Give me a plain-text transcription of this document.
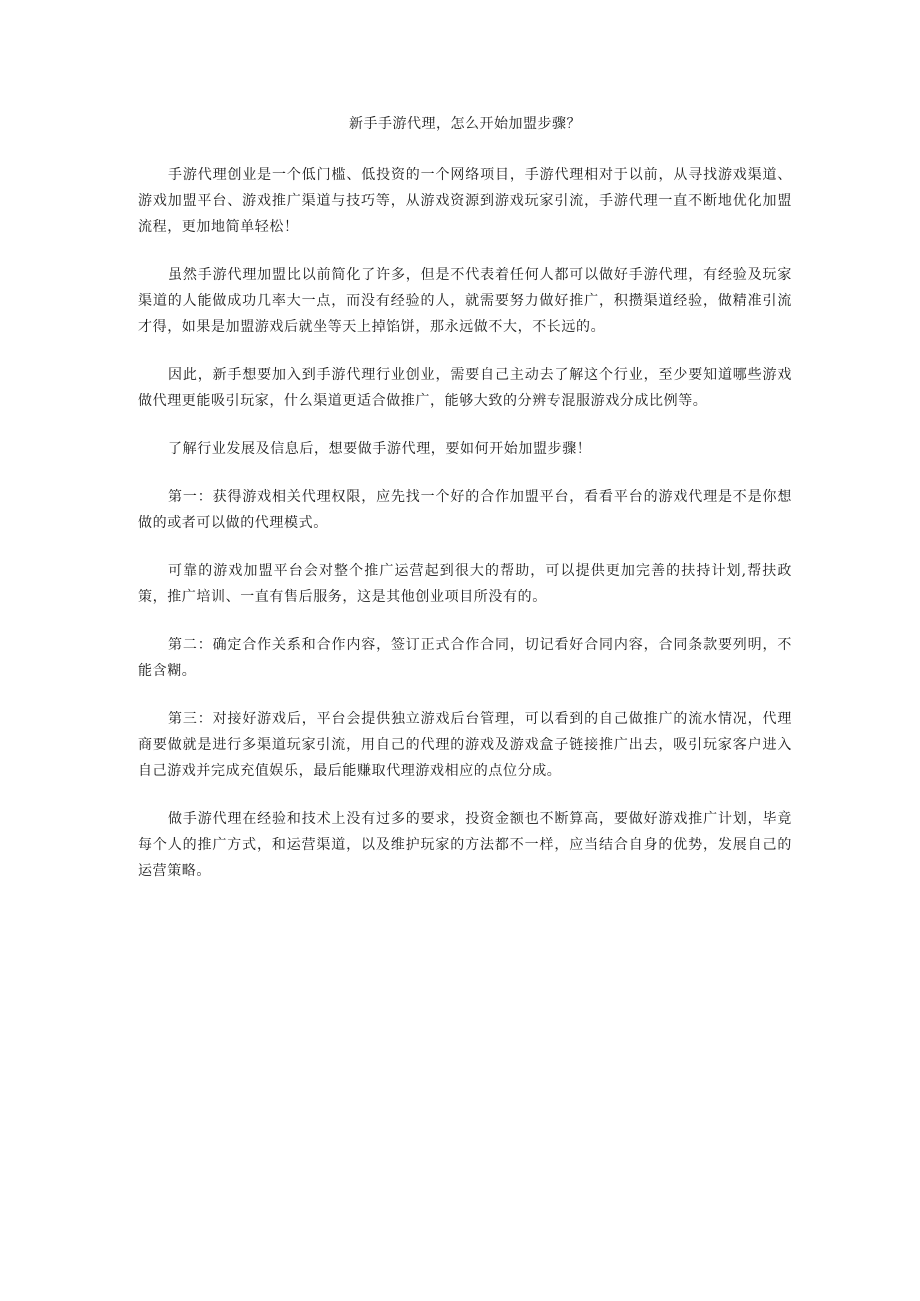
新手手游代理，怎么开始加盟步骤？

手游代理创业是一个低门槛、低投资的一个网络项目，手游代理相对于以前，从寻找游戏渠道、游戏加盟平台、游戏推广渠道与技巧等，从游戏资源到游戏玩家引流，手游代理一直不断地优化加盟流程，更加地简单轻松！

虽然手游代理加盟比以前简化了许多，但是不代表着任何人都可以做好手游代理，有经验及玩家渠道的人能做成功几率大一点，而没有经验的人，就需要努力做好推广，积攒渠道经验，做精准引流才得，如果是加盟游戏后就坐等天上掉馅饼，那永远做不大，不长远的。

因此，新手想要加入到手游代理行业创业，需要自己主动去了解这个行业，至少要知道哪些游戏做代理更能吸引玩家，什么渠道更适合做推广，能够大致的分辨专混服游戏分成比例等。

了解行业发展及信息后，想要做手游代理，要如何开始加盟步骤！

第一：获得游戏相关代理权限，应先找一个好的合作加盟平台，看看平台的游戏代理是不是你想做的或者可以做的代理模式。

可靠的游戏加盟平台会对整个推广运营起到很大的帮助，可以提供更加完善的扶持计划,帮扶政策，推广培训、一直有售后服务，这是其他创业项目所没有的。

第二：确定合作关系和合作内容，签订正式合作合同，切记看好合同内容，合同条款要列明，不能含糊。

第三：对接好游戏后，平台会提供独立游戏后台管理，可以看到的自己做推广的流水情况，代理商要做就是进行多渠道玩家引流，用自己的代理的游戏及游戏盒子链接推广出去，吸引玩家客户进入自己游戏并完成充值娱乐，最后能赚取代理游戏相应的点位分成。

做手游代理在经验和技术上没有过多的要求，投资金额也不断算高，要做好游戏推广计划，毕竟每个人的推广方式，和运营渠道，以及维护玩家的方法都不一样，应当结合自身的优势，发展自己的运营策略。
